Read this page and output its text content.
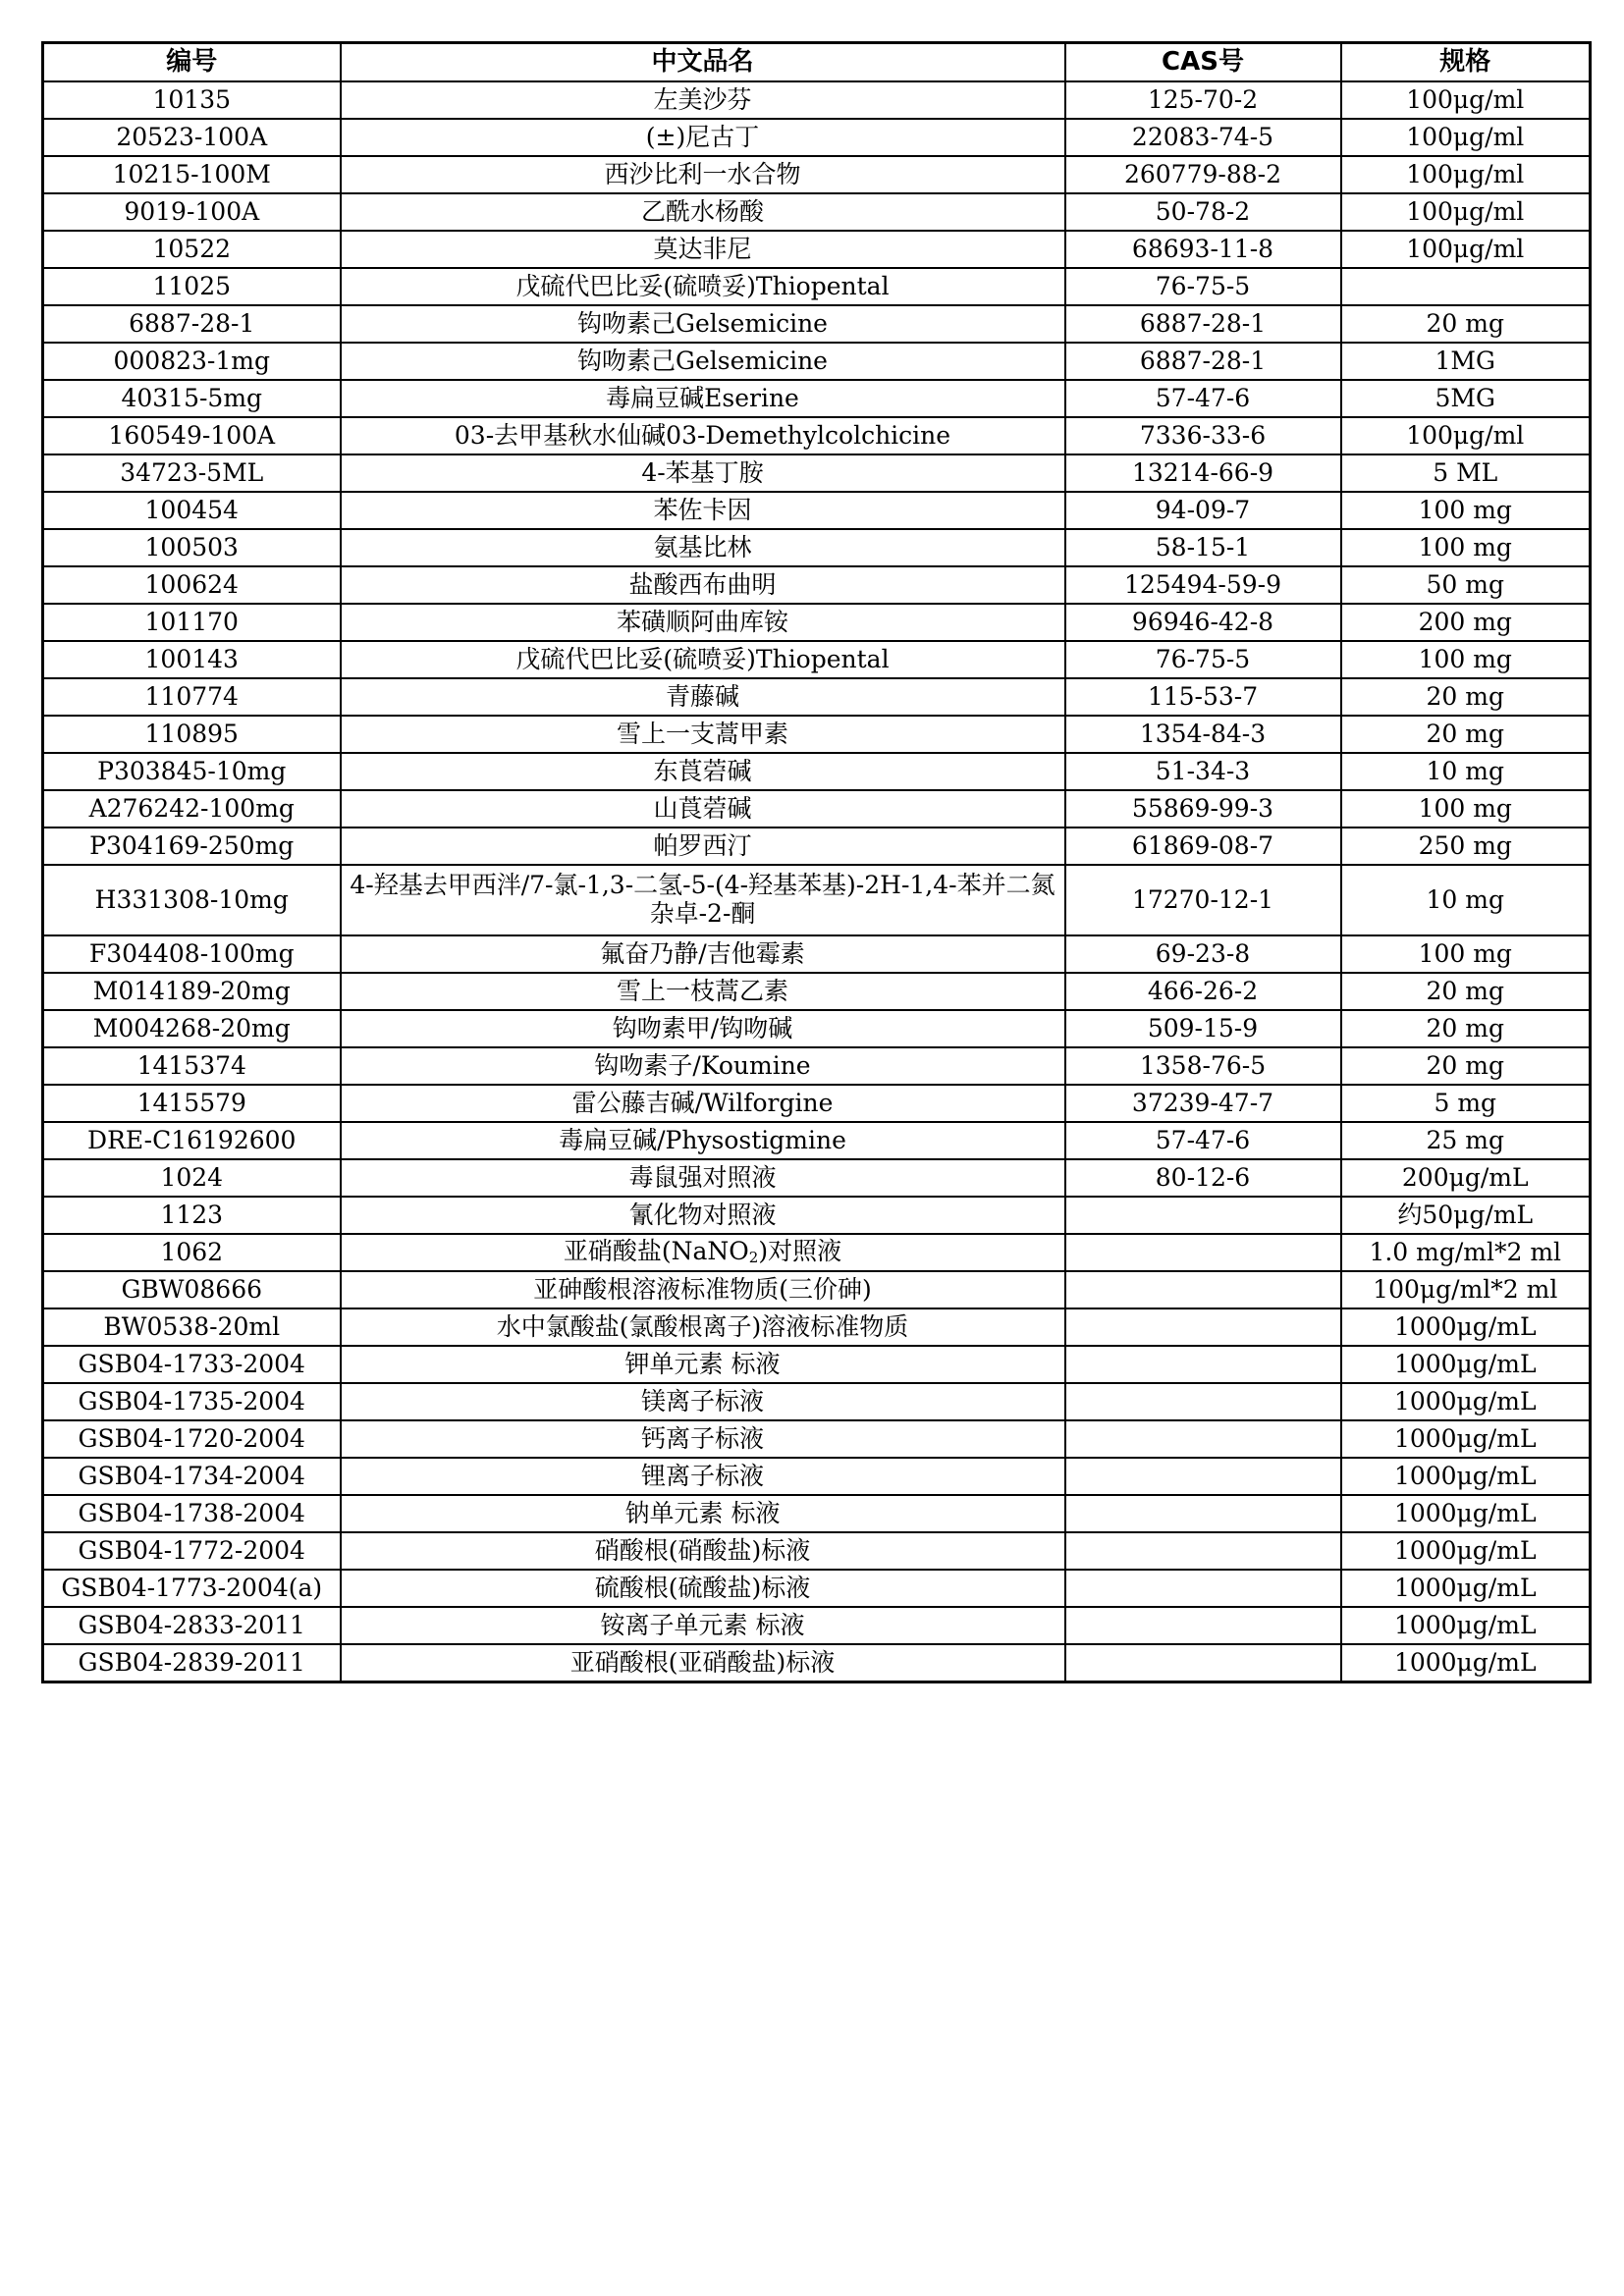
编号	中文品名	CAS号	规格
10135	左美沙芬	125-70-2	100μg/ml
20523-100A	(±)尼古丁	22083-74-5	100μg/ml
10215-100M	西沙比利一水合物	260779-88-2	100μg/ml
9019-100A	乙酰水杨酸	50-78-2	100μg/ml
10522	莫达非尼	68693-11-8	100μg/ml
11025	戊硫代巴比妥(硫喷妥)Thiopental	76-75-5	
6887-28-1	钩吻素己Gelsemicine	6887-28-1	20 mg
000823-1mg	钩吻素己Gelsemicine	6887-28-1	1MG
40315-5mg	毒扁豆碱Eserine	57-47-6	5MG
160549-100A	03-去甲基秋水仙碱03-Demethylcolchicine	7336-33-6	100μg/ml
34723-5ML	4-苯基丁胺	13214-66-9	5 ML
100454	苯佐卡因	94-09-7	100 mg
100503	氨基比林	58-15-1	100 mg
100624	盐酸西布曲明	125494-59-9	50 mg
101170	苯磺顺阿曲库铵	96946-42-8	200 mg
100143	戊硫代巴比妥(硫喷妥)Thiopental	76-75-5	100 mg
110774	青藤碱	115-53-7	20 mg
110895	雪上一支蒿甲素	1354-84-3	20 mg
P303845-10mg	东莨菪碱	51-34-3	10 mg
A276242-100mg	山莨菪碱	55869-99-3	100 mg
P304169-250mg	帕罗西汀	61869-08-7	250 mg
H331308-10mg	4-羟基去甲西泮/7-氯-1,3-二氢-5-(4-羟基苯基)-2H-1,4-苯并二氮杂卓-2-酮	17270-12-1	10 mg
F304408-100mg	氟奋乃静/吉他霉素	69-23-8	100 mg
M014189-20mg	雪上一枝蒿乙素	466-26-2	20 mg
M004268-20mg	钩吻素甲/钩吻碱	509-15-9	20 mg
1415374	钩吻素子/Koumine	1358-76-5	20 mg
1415579	雷公藤吉碱/Wilforgine	37239-47-7	5 mg
DRE-C16192600	毒扁豆碱/Physostigmine	57-47-6	25 mg
1024	毒鼠强对照液	80-12-6	200μg/mL
1123	氰化物对照液		约50μg/mL
1062	亚硝酸盐(NaNO$_2$)对照液		1.0 mg/ml*2 ml
GBW08666	亚砷酸根溶液标准物质(三价砷)		100μg/ml*2 ml
BW0538-20ml	水中氯酸盐(氯酸根离子)溶液标准物质		1000μg/mL
GSB04-1733-2004	钾单元素 标液		1000μg/mL
GSB04-1735-2004	镁离子标液		1000μg/mL
GSB04-1720-2004	钙离子标液		1000μg/mL
GSB04-1734-2004	锂离子标液		1000μg/mL
GSB04-1738-2004	钠单元素 标液		1000μg/mL
GSB04-1772-2004	硝酸根(硝酸盐)标液		1000μg/mL
GSB04-1773-2004(a)	硫酸根(硫酸盐)标液		1000μg/mL
GSB04-2833-2011	铵离子单元素 标液		1000μg/mL
GSB04-2839-2011	亚硝酸根(亚硝酸盐)标液		1000μg/mL
